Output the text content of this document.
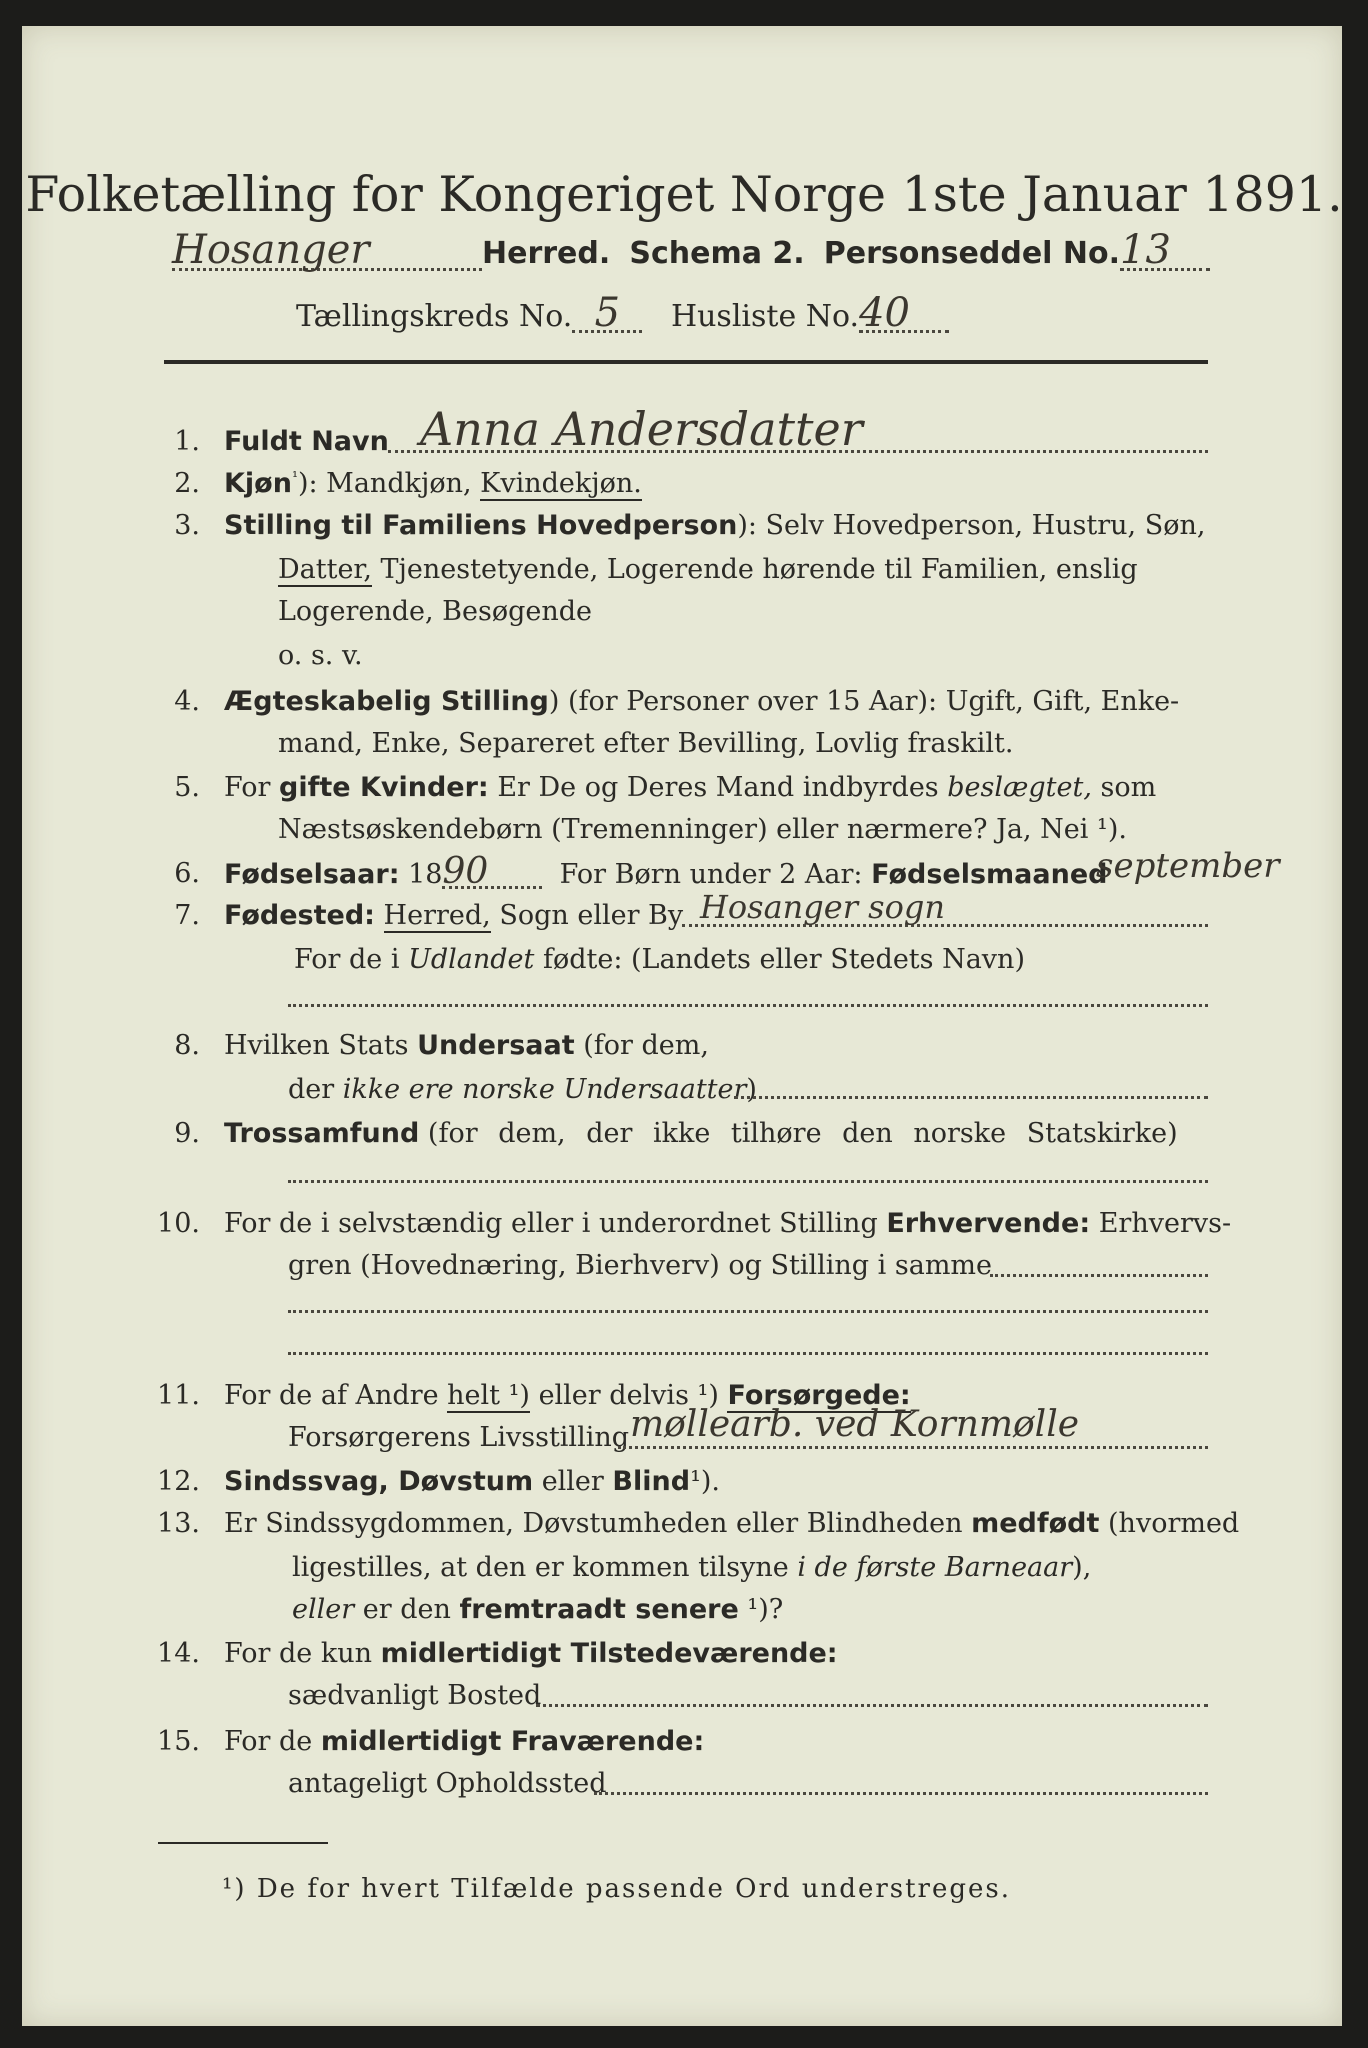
Folketælling for Kongeriget Norge 1ste Januar 1891.
Hosanger	Herred. Schema 2. Personseddel No.13
Tællingskreds No. 5 Husliste No.40
1. Fuldt Navn Anna Andersdatter
2. Kjøn$^{^1}$): Mandkjøn, Kvindekjøn.
3. Stilling til Familiens Hovedperson): Selv Hovedperson, Hustru, Søn,
Datter, Tjenestetyende, Logerende hørende til Familien, enslig
Logerende, Besøgende
o. s. v.
4. Ægteskabelig Stilling) (for Personer over 15 Aar): Ugift, Gift, Enke-
mand, Enke, Separeret efter Bevilling, Lovlig fraskilt.
5. For gifte Kvinder: Er De og Deres Mand indbyrdes beslægtet, som
Næstsøskendebørn (Tremenninger) eller nærmere? Ja, Nei ¹).
6. Fødselsaar: 1890	For Børn under 2 Aar: Fødselsmaaned
september
7. Fødested: Herred, Sogn eller By Hosanger sogn
For de i Udlandet fødte: (Landets eller Stedets Navn)
8. Hvilken Stats Undersaat (for dem,
der ikke ere norske Undersaatter)
9. Trossamfund (for dem, der ikke tilhøre den norske Statskirke)
10. For de i selvstændig eller i underordnet Stilling Erhvervende: Erhvervs-
gren (Hovednæring, Bierhverv) og Stilling i samme
11. For de af Andre helt ¹) eller delvis ¹) Forsørgede:
Forsørgerens Livsstilling møllearb. ved Kornmølle
12. Sindssvag, Døvstum eller Blind¹).
13. Er Sindssygdommen, Døvstumheden eller Blindheden medfødt (hvormed
ligestilles, at den er kommen tilsyne i de første Barneaar),
eller er den fremtraadt senere ¹)?
14. For de kun midlertidigt Tilstedeværende:
sædvanligt Bosted
15. For de midlertidigt Fraværende:
antageligt Opholdssted
¹) De for hvert Tilfælde passende Ord understreges.
